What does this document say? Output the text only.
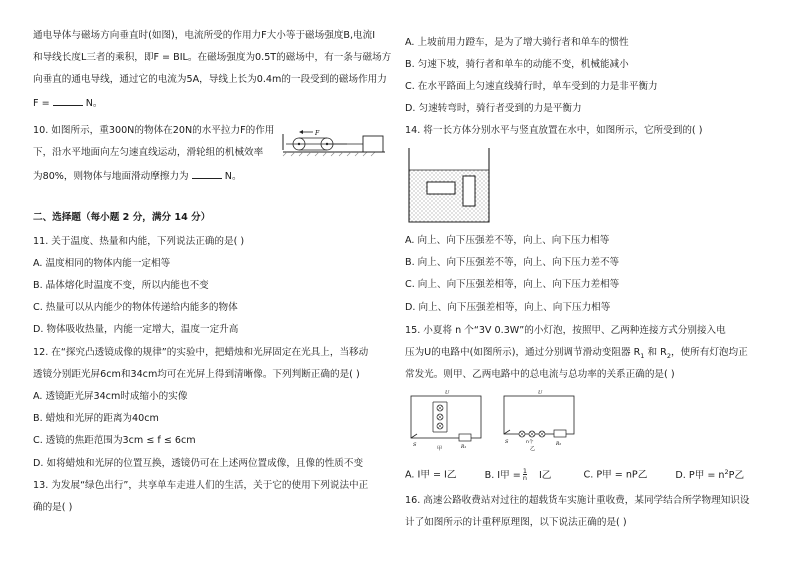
通电导体与磁场方向垂直时(如图)，电流所受的作用力F大小等于磁场强度B,电流I
和导线长度L三者的乘积，即F = BIL。在磁场强度为0.5T的磁场中，有一条与磁场方
向垂直的通电导线，通过它的电流为5A，导线上长为0.4m的一段受到的磁场作用力
F =	N。
10. 如图所示，重300N的物体在20N的水平拉力F的作用
下，沿水平地面向左匀速直线运动，滑轮组的机械效率
为80%，则物体与地面滑动摩擦力为	N。
F
二、选择题（每小题 2 分，满分 14 分）
11. 关于温度、热量和内能，下列说法正确的是( )
A. 温度相同的物体内能一定相等
B. 晶体熔化时温度不变，所以内能也不变
C. 热量可以从内能少的物体传递给内能多的物体
D. 物体吸收热量，内能一定增大，温度一定升高
12. 在“探究凸透镜成像的规律”的实验中，把蜡烛和光屏固定在光具上，当移动
透镜分别距光屏6cm和34cm均可在光屏上得到清晰像。下列判断正确的是( )
A. 透镜距光屏34cm时成缩小的实像
B. 蜡烛和光屏的距离为40cm
C. 透镜的焦距范围为3cm ≤ f ≤ 6cm
D. 如将蜡烛和光屏的位置互换，透镜仍可在上述两位置成像，且像的性质不变
13. 为发展“绿色出行”，共享单车走进人们的生活，关于它的使用下列说法中正
确的是( )
A. 上坡前用力蹬车，是为了增大骑行者和单车的惯性
B. 匀速下坡，骑行者和单车的动能不变，机械能减小
C. 在水平路面上匀速直线骑行时，单车受到的力是非平衡力
D. 匀速转弯时，骑行者受到的力是平衡力
14. 将一长方体分别水平与竖直放置在水中，如图所示，它所受到的( )
A. 向上、向下压强差不等，向上、向下压力相等
B. 向上、向下压强差不等，向上、向下压力差不等
C. 向上、向下压强差相等，向上、向下压力差相等
D. 向上、向下压强差相等，向上、向下压力相等
15. 小夏将 n 个“3V 0.3W”的小灯泡，按照甲、乙两种连接方式分别接入电
压为U的电路中(如图所示)，通过分别调节滑动变阻器 $R_1$ 和 $R_2$，使所有灯泡均正
常发光。则甲、乙两电路中的总电流与总功率的关系正确的是( )
U
S	R₁
甲
U
S	n个	R₂
乙
A. I甲 = I乙	B. I甲 = $\frac{1}{n}$ I乙	C. P甲 = nP乙	D. P甲 = $n^2P$乙
16. 高速公路收费站对过往的超载货车实施计重收费，某同学结合所学物理知识设
计了如图所示的计重秤原理图，以下说法正确的是( )
